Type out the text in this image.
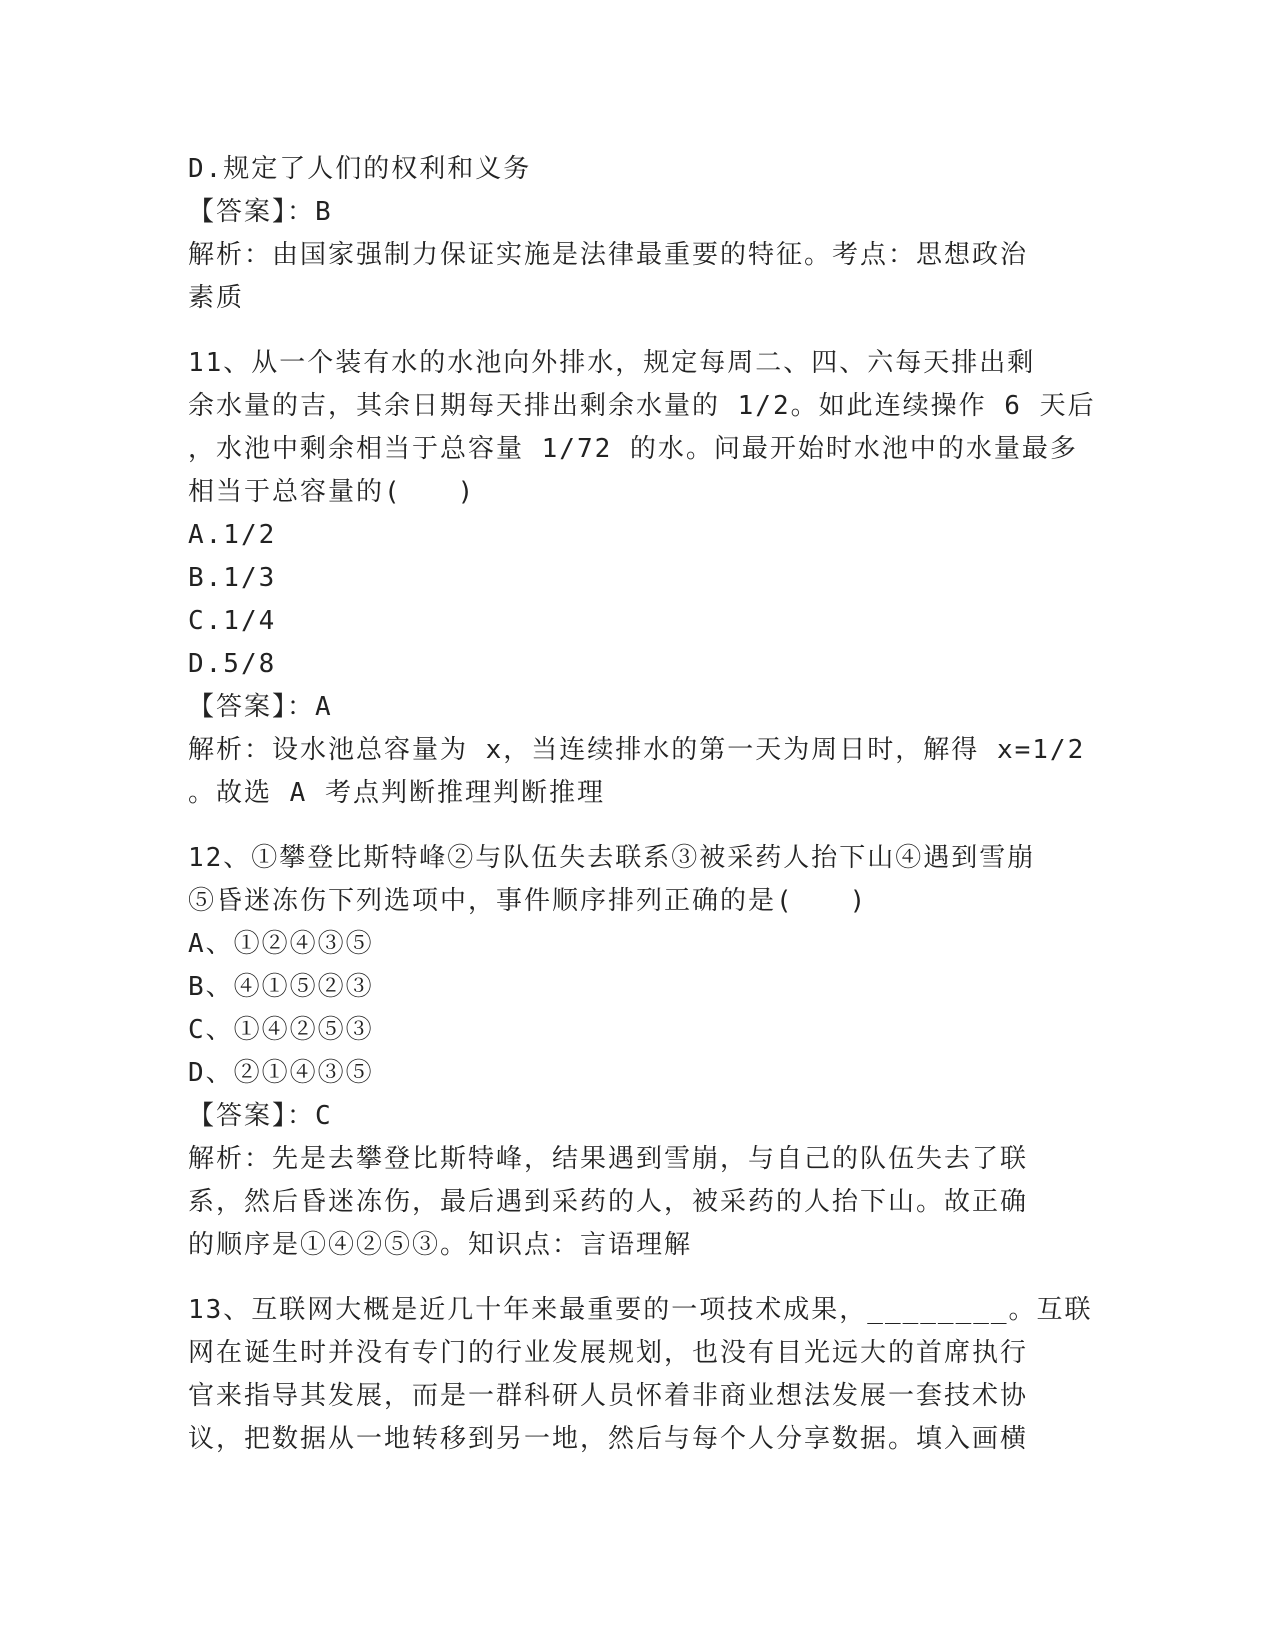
D.规定了人们的权利和义务
【答案】：B
解析：由国家强制力保证实施是法律最重要的特征。考点：思想政治
素质
11、从一个装有水的水池向外排水，规定每周二、四、六每天排出剩
余水量的吉，其余日期每天排出剩余水量的 1/2。如此连续操作 6 天后
，水池中剩余相当于总容量 1/72 的水。问最开始时水池中的水量最多
相当于总容量的(　　)
A.1/2
B.1/3
C.1/4
D.5/8
【答案】：A
解析：设水池总容量为 x，当连续排水的第一天为周日时，解得 x=1/2
。故选 A 考点判断推理判断推理
12、①攀登比斯特峰②与队伍失去联系③被采药人抬下山④遇到雪崩
⑤昏迷冻伤下列选项中，事件顺序排列正确的是(　　)
A、①②④③⑤
B、④①⑤②③
C、①④②⑤③
D、②①④③⑤
【答案】：C
解析：先是去攀登比斯特峰，结果遇到雪崩，与自己的队伍失去了联
系，然后昏迷冻伤，最后遇到采药的人，被采药的人抬下山。故正确
的顺序是①④②⑤③。知识点：言语理解
13、互联网大概是近几十年来最重要的一项技术成果，________。互联
网在诞生时并没有专门的行业发展规划，也没有目光远大的首席执行
官来指导其发展，而是一群科研人员怀着非商业想法发展一套技术协
议，把数据从一地转移到另一地，然后与每个人分享数据。填入画横
